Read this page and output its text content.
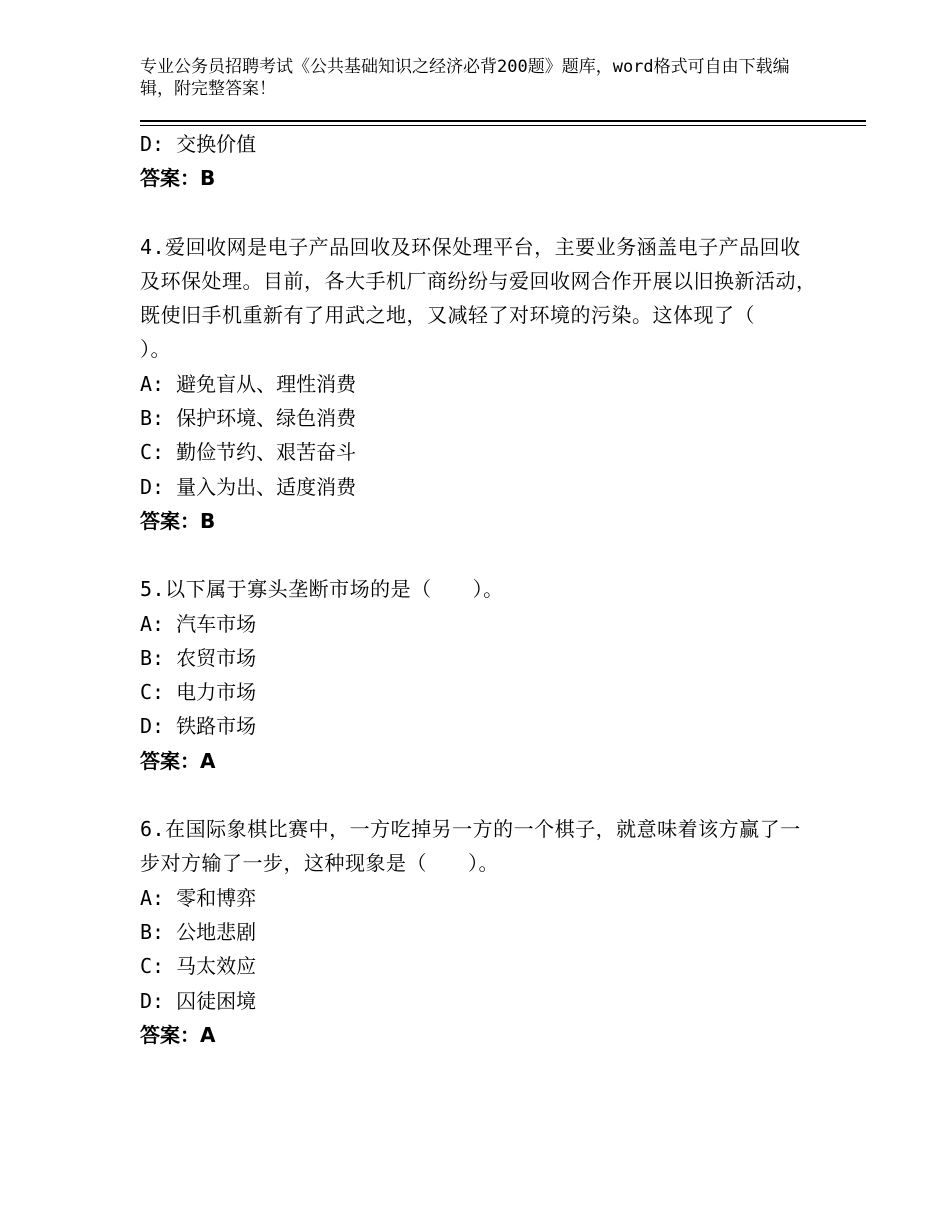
专业公务员招聘考试《公共基础知识之经济必背200题》题库，word格式可自由下载编辑，附完整答案！
D: 交换价值
答案：B
4.爱回收网是电子产品回收及环保处理平台，主要业务涵盖电子产品回收及环保处理。目前，各大手机厂商纷纷与爱回收网合作开展以旧换新活动，既使旧手机重新有了用武之地，又减轻了对环境的污染。这体现了（　　）。
A: 避免盲从、理性消费
B: 保护环境、绿色消费
C: 勤俭节约、艰苦奋斗
D: 量入为出、适度消费
答案：B
5.以下属于寡头垄断市场的是（　　）。
A: 汽车市场
B: 农贸市场
C: 电力市场
D: 铁路市场
答案：A
6.在国际象棋比赛中，一方吃掉另一方的一个棋子，就意味着该方赢了一步对方输了一步，这种现象是（　　）。
A: 零和博弈
B: 公地悲剧
C: 马太效应
D: 囚徒困境
答案：A
